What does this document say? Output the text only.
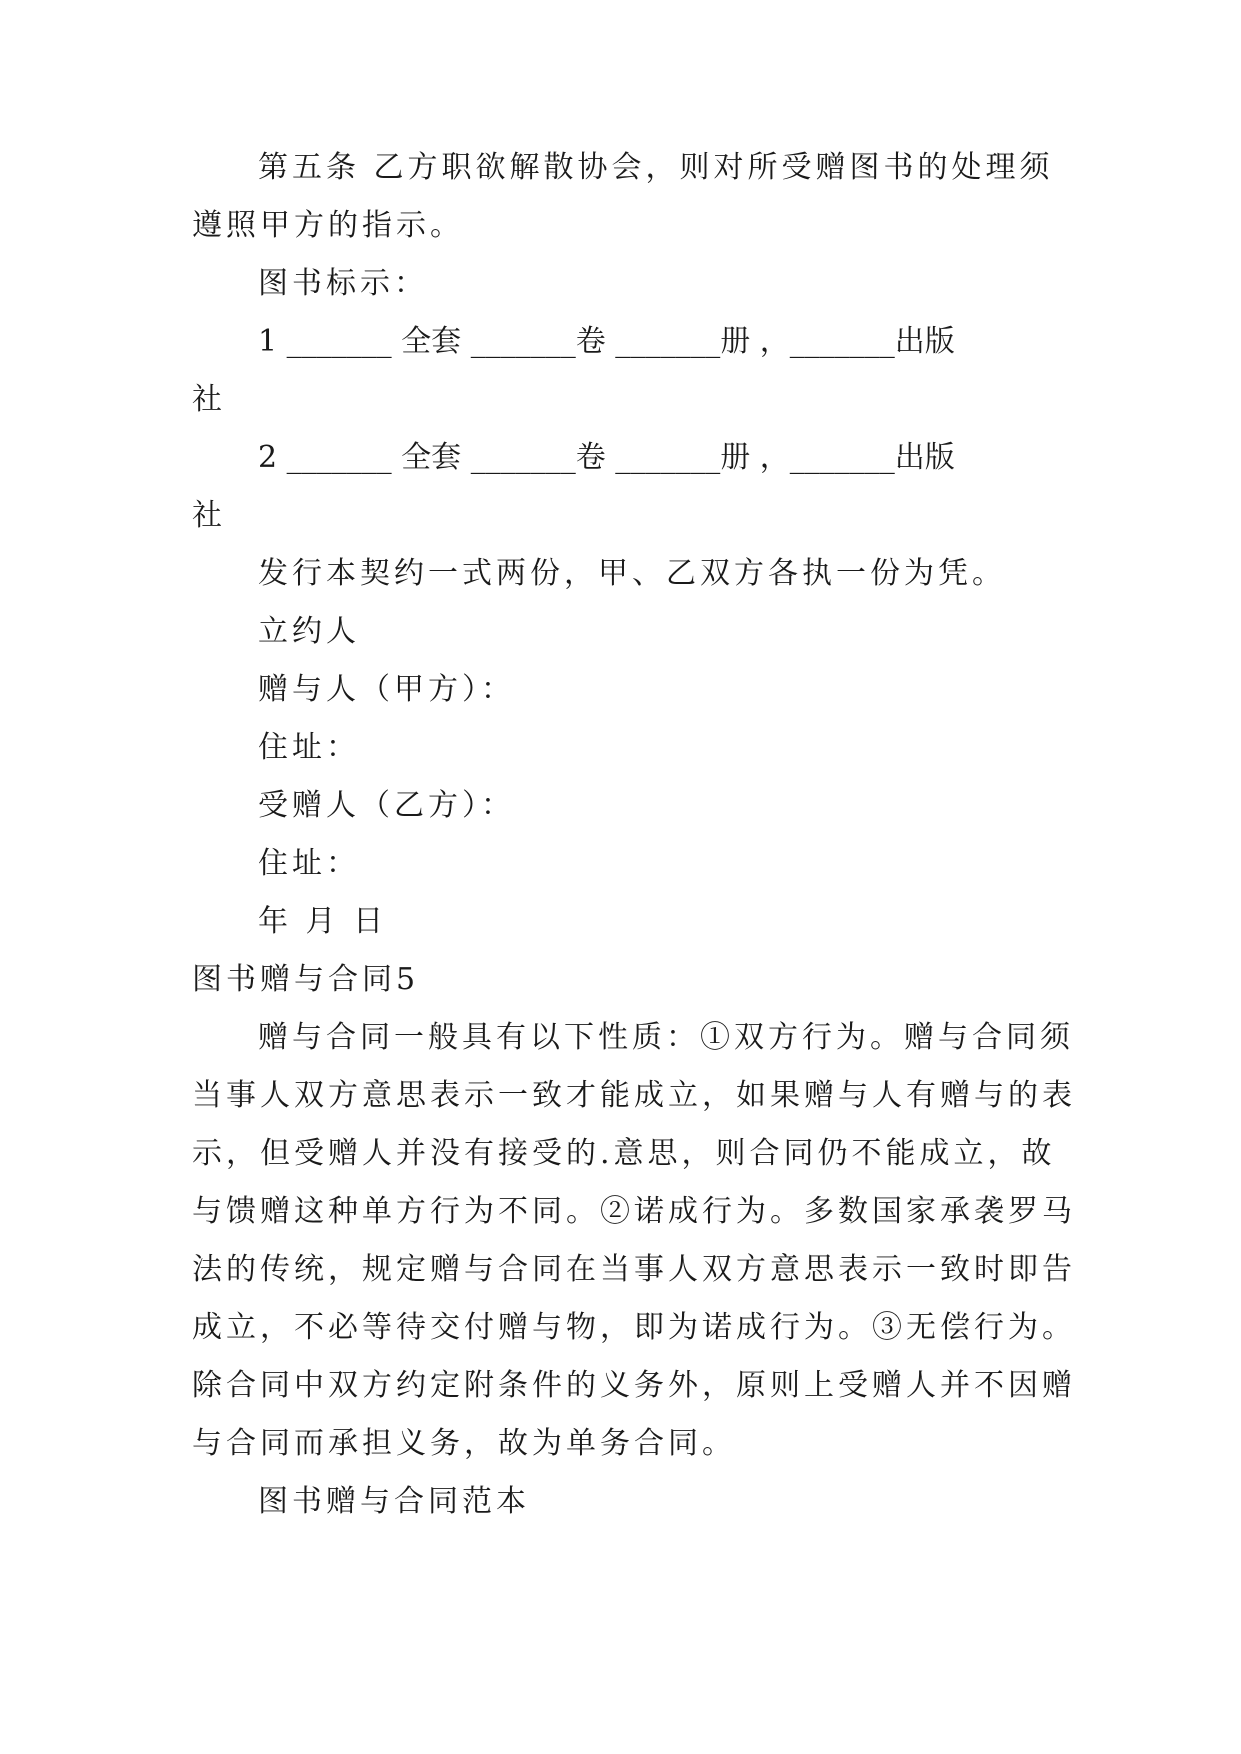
第五条 乙方职欲解散协会，则对所受赠图书的处理须
遵照甲方的指示。
图书标示：
1 _______ 全套 _______卷 _______册 ，_______出版
社
2 _______ 全套 _______卷 _______册 ，_______出版
社
发行本契约一式两份，甲、乙双方各执一份为凭。
立约人
赠与人（甲方）：
住址：
受赠人（乙方）：
住址：
年 月 日
图书赠与合同5
赠与合同一般具有以下性质：①双方行为。赠与合同须
当事人双方意思表示一致才能成立，如果赠与人有赠与的表
示，但受赠人并没有接受的.意思，则合同仍不能成立，故
与馈赠这种单方行为不同。②诺成行为。多数国家承袭罗马
法的传统，规定赠与合同在当事人双方意思表示一致时即告
成立，不必等待交付赠与物，即为诺成行为。③无偿行为。
除合同中双方约定附条件的义务外，原则上受赠人并不因赠
与合同而承担义务，故为单务合同。
图书赠与合同范本
